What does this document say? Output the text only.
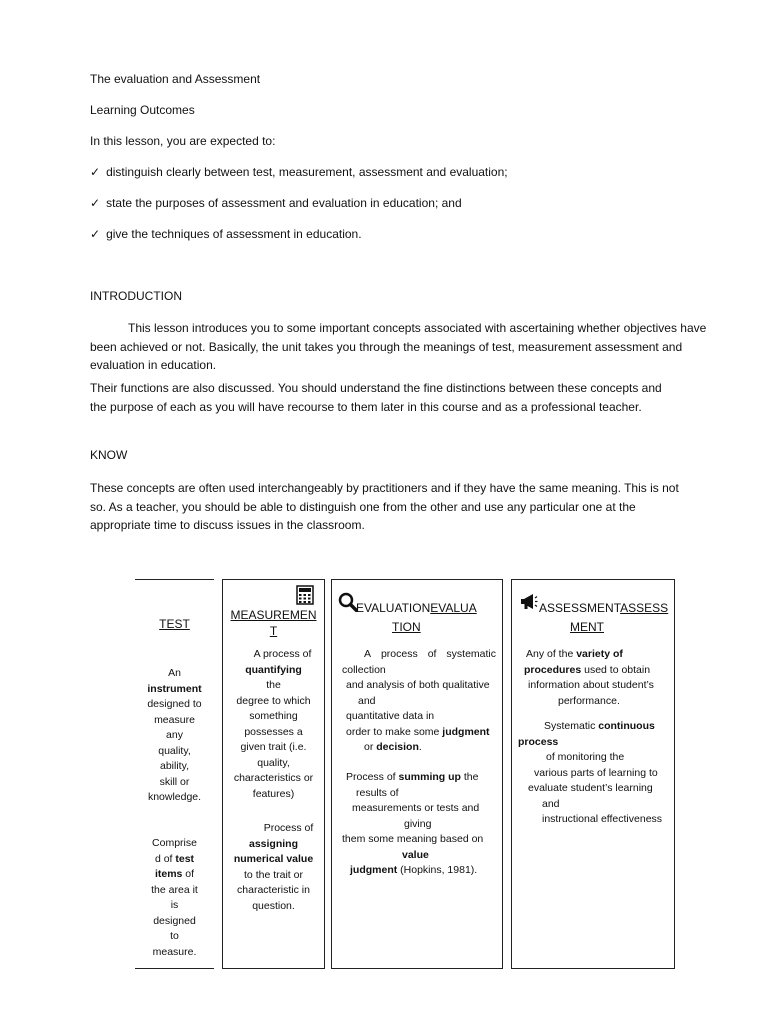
The evaluation and Assessment
Learning Outcomes
In this lesson, you are expected to:
✓ distinguish clearly between test, measurement, assessment and evaluation;
✓ state the purposes of assessment and evaluation in education; and
✓ give the techniques of assessment in education.
INTRODUCTION
This lesson introduces you to some important concepts associated with ascertaining whether objectives have been achieved or not. Basically, the unit takes you through the meanings of test, measurement assessment and evaluation in education.
Their functions are also discussed. You should understand the fine distinctions between these concepts and the purpose of each as you will have recourse to them later in this course and as a professional teacher.
KNOW
These concepts are often used interchangeably by practitioners and if they have the same meaning. This is not so. As a teacher, you should be able to distinguish one from the other and use any particular one at the appropriate time to discuss issues in the classroom.
TEST
An
instrument
designed to
measure
any
quality,
ability,
skill or
knowledge.
Comprise
d of test
items of
the area it
is
designed
to
measure.
MEASUREMEN
T
A process of
quantifying
the
degree to which
something
possesses a
given trait (i.e.
quality,
characteristics or
features)
Process of
assigning
numerical value
to the trait or
characteristic in
question.
EVALUATIONEVALUA
TION
A process of systematic
collection
and analysis of both qualitative
and
quantitative data in
order to make some judgment
or decision.
Process of summing up the
results of
measurements or tests and
giving
them some meaning based on
value
judgment (Hopkins, 1981).
ASSESSMENTASSESS
MENT
Any of the variety of
procedures used to obtain
information about student’s
performance.
Systematic continuous
process
of monitoring the
various parts of learning to
evaluate student’s learning
and
instructional effectiveness
